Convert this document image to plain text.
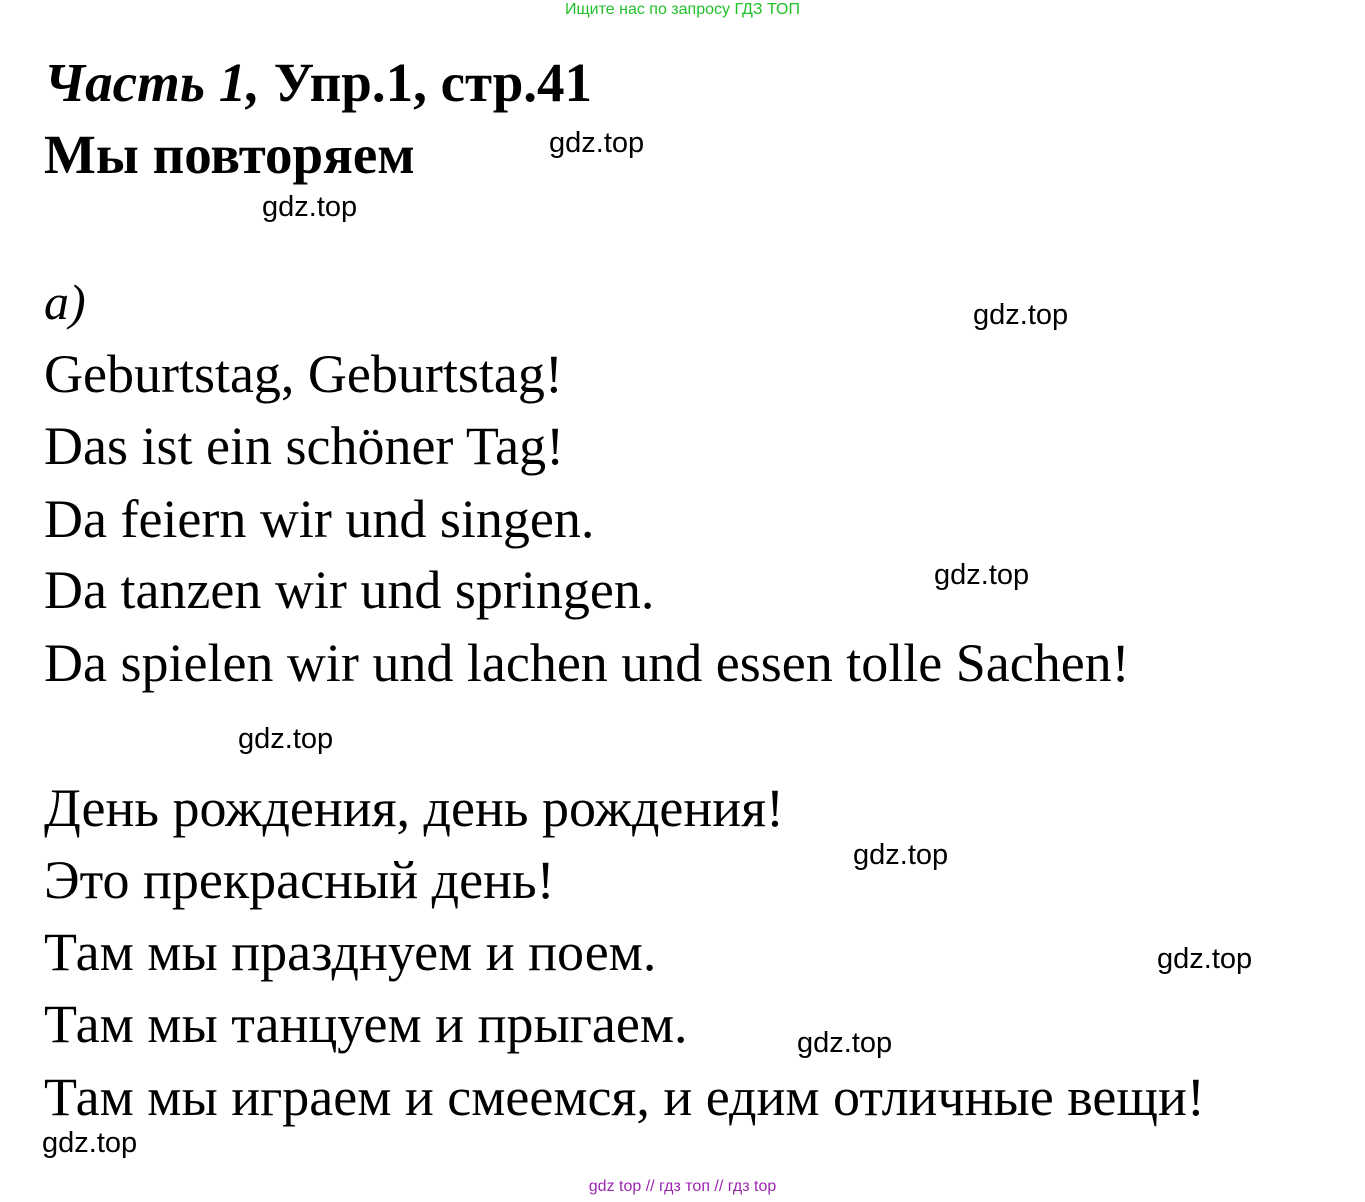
Ищите нас по запросу ГДЗ ТОП
Часть 1, Упр.1, стр.41
Мы повторяем
а)
Geburtstag, Geburtstag!
Das ist ein schöner Tag!
Da feiern wir und singen.
Da tanzen wir und springen.
Da spielen wir und lachen und essen tolle Sachen!
День рождения, день рождения!
Это прекрасный день!
Там мы празднуем и поем.
Там мы танцуем и прыгаем.
Там мы играем и смеемся, и едим отличные вещи!
gdz.top
gdz.top
gdz.top
gdz.top
gdz.top
gdz.top
gdz.top
gdz.top
gdz.top
gdz top // гдз топ // гдз top
